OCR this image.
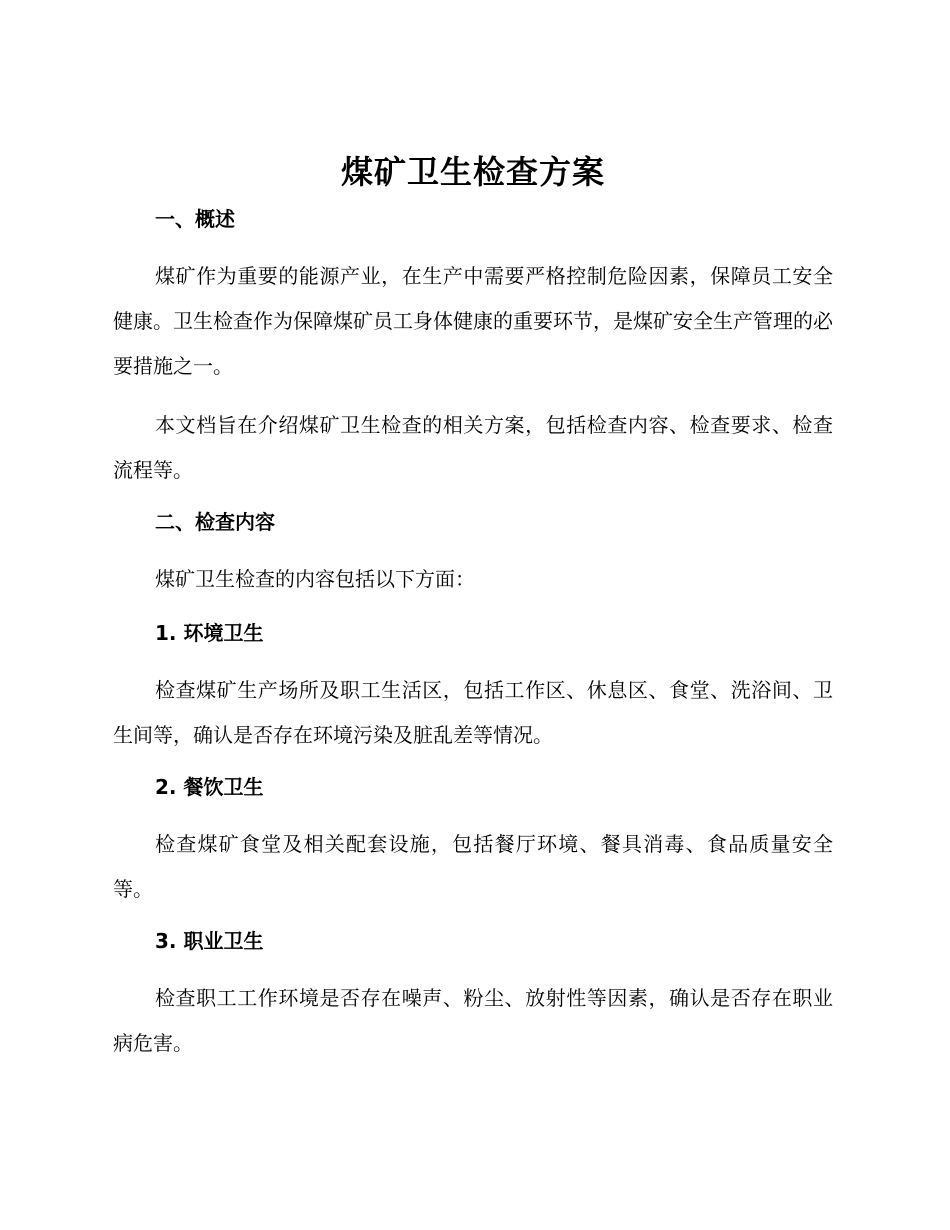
煤矿卫生检查方案
一、概述

煤矿作为重要的能源产业，在生产中需要严格控制危险因素，保障员工安全健康。卫生检查作为保障煤矿员工身体健康的重要环节，是煤矿安全生产管理的必要措施之一。

本文档旨在介绍煤矿卫生检查的相关方案，包括检查内容、检查要求、检查流程等。

二、检查内容

煤矿卫生检查的内容包括以下方面：

1. 环境卫生

检查煤矿生产场所及职工生活区，包括工作区、休息区、食堂、洗浴间、卫生间等，确认是否存在环境污染及脏乱差等情况。

2. 餐饮卫生

检查煤矿食堂及相关配套设施，包括餐厅环境、餐具消毒、食品质量安全等。

3. 职业卫生

检查职工工作环境是否存在噪声、粉尘、放射性等因素，确认是否存在职业病危害。
